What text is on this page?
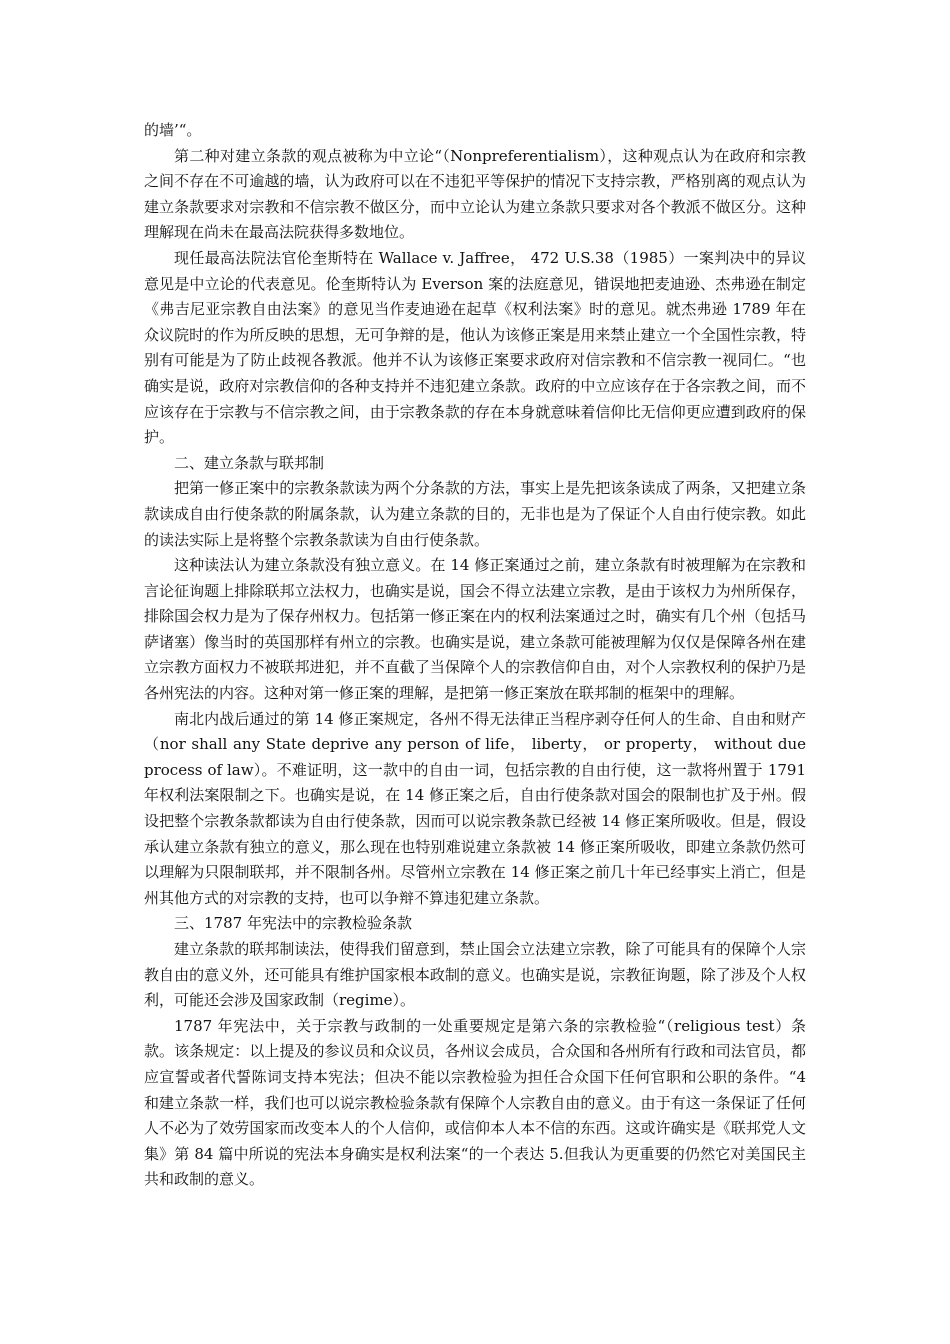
的墙’“。

第二种对建立条款的观点被称为中立论“（Nonpreferentialism），这种观点认为在政府和宗教之间不存在不可逾越的墙，认为政府可以在不违犯平等保护的情况下支持宗教，严格别离的观点认为建立条款要求对宗教和不信宗教不做区分，而中立论认为建立条款只要求对各个教派不做区分。这种理解现在尚未在最高法院获得多数地位。

现任最高法院法官伦奎斯特在 Wallace v. Jaffree， 472 U.S.38（1985）一案判决中的异议意见是中立论的代表意见。伦奎斯特认为 Everson 案的法庭意见，错误地把麦迪逊、杰弗逊在制定《弗吉尼亚宗教自由法案》的意见当作麦迪逊在起草《权利法案》时的意见。就杰弗逊 1789 年在众议院时的作为所反映的思想，无可争辩的是，他认为该修正案是用来禁止建立一个全国性宗教，特别有可能是为了防止歧视各教派。他并不认为该修正案要求政府对信宗教和不信宗教一视同仁。“也确实是说，政府对宗教信仰的各种支持并不违犯建立条款。政府的中立应该存在于各宗教之间，而不应该存在于宗教与不信宗教之间，由于宗教条款的存在本身就意味着信仰比无信仰更应遭到政府的保护。

二、建立条款与联邦制

把第一修正案中的宗教条款读为两个分条款的方法，事实上是先把该条读成了两条，又把建立条款读成自由行使条款的附属条款，认为建立条款的目的，无非也是为了保证个人自由行使宗教。如此的读法实际上是将整个宗教条款读为自由行使条款。

这种读法认为建立条款没有独立意义。在 14 修正案通过之前，建立条款有时被理解为在宗教和言论征询题上排除联邦立法权力，也确实是说，国会不得立法建立宗教，是由于该权力为州所保存，排除国会权力是为了保存州权力。包括第一修正案在内的权利法案通过之时，确实有几个州（包括马萨诸塞）像当时的英国那样有州立的宗教。也确实是说，建立条款可能被理解为仅仅是保障各州在建立宗教方面权力不被联邦进犯，并不直截了当保障个人的宗教信仰自由，对个人宗教权利的保护乃是各州宪法的内容。这种对第一修正案的理解，是把第一修正案放在联邦制的框架中的理解。

南北内战后通过的第 14 修正案规定，各州不得无法律正当程序剥夺任何人的生命、自由和财产（nor shall any State deprive any person of life， liberty， or property， without due process of law）。不难证明，这一款中的自由一词，包括宗教的自由行使，这一款将州置于 1791 年权利法案限制之下。也确实是说，在 14 修正案之后，自由行使条款对国会的限制也扩及于州。假设把整个宗教条款都读为自由行使条款，因而可以说宗教条款已经被 14 修正案所吸收。但是，假设承认建立条款有独立的意义，那么现在也特别难说建立条款被 14 修正案所吸收，即建立条款仍然可以理解为只限制联邦，并不限制各州。尽管州立宗教在 14 修正案之前几十年已经事实上消亡，但是州其他方式的对宗教的支持，也可以争辩不算违犯建立条款。

三、1787 年宪法中的宗教检验条款

建立条款的联邦制读法，使得我们留意到，禁止国会立法建立宗教，除了可能具有的保障个人宗教自由的意义外，还可能具有维护国家根本政制的意义。也确实是说，宗教征询题，除了涉及个人权利，可能还会涉及国家政制（regime）。

1787 年宪法中，关于宗教与政制的一处重要规定是第六条的宗教检验“（religious test）条款。该条规定：以上提及的参议员和众议员，各州议会成员，合众国和各州所有行政和司法官员，都应宣誓或者代誓陈词支持本宪法；但决不能以宗教检验为担任合众国下任何官职和公职的条件。“4 和建立条款一样，我们也可以说宗教检验条款有保障个人宗教自由的意义。由于有这一条保证了任何人不必为了效劳国家而改变本人的个人信仰，或信仰本人本不信的东西。这或许确实是《联邦党人文集》第 84 篇中所说的宪法本身确实是权利法案“的一个表达 5.但我认为更重要的仍然它对美国民主共和政制的意义。
